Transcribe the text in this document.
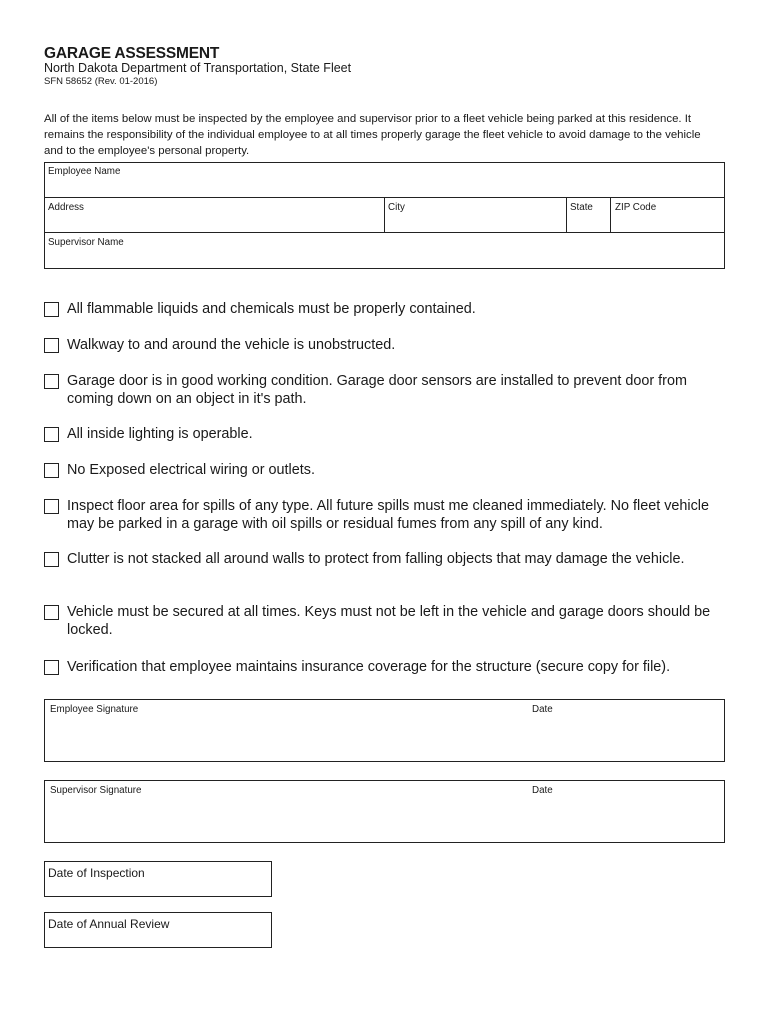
GARAGE ASSESSMENT
North Dakota Department of Transportation, State Fleet
SFN 58652 (Rev. 01-2016)
All of the items below must be inspected by the employee and supervisor prior to a fleet vehicle being parked at this residence. It remains the responsibility of the individual employee to at all times properly garage the fleet vehicle to avoid damage to the vehicle and to the employee's personal property.
Employee Name
Address	City	State ZIP Code
Supervisor Name
All flammable liquids and chemicals must be properly contained.
Walkway to and around the vehicle is unobstructed.
Garage door is in good working condition. Garage door sensors are installed to prevent door from coming down on an object in it's path.
All inside lighting is operable.
No Exposed electrical wiring or outlets.
Inspect floor area for spills of any type. All future spills must me cleaned immediately. No fleet vehicle may be parked in a garage with oil spills or residual fumes from any spill of any kind.
Clutter is not stacked all around walls to protect from falling objects that may damage the vehicle.
Vehicle must be secured at all times. Keys must not be left in the vehicle and garage doors should be locked.
Verification that employee maintains insurance coverage for the structure (secure copy for file).
Employee Signature	Date
Supervisor Signature	Date
Date of Inspection
Date of Annual Review
